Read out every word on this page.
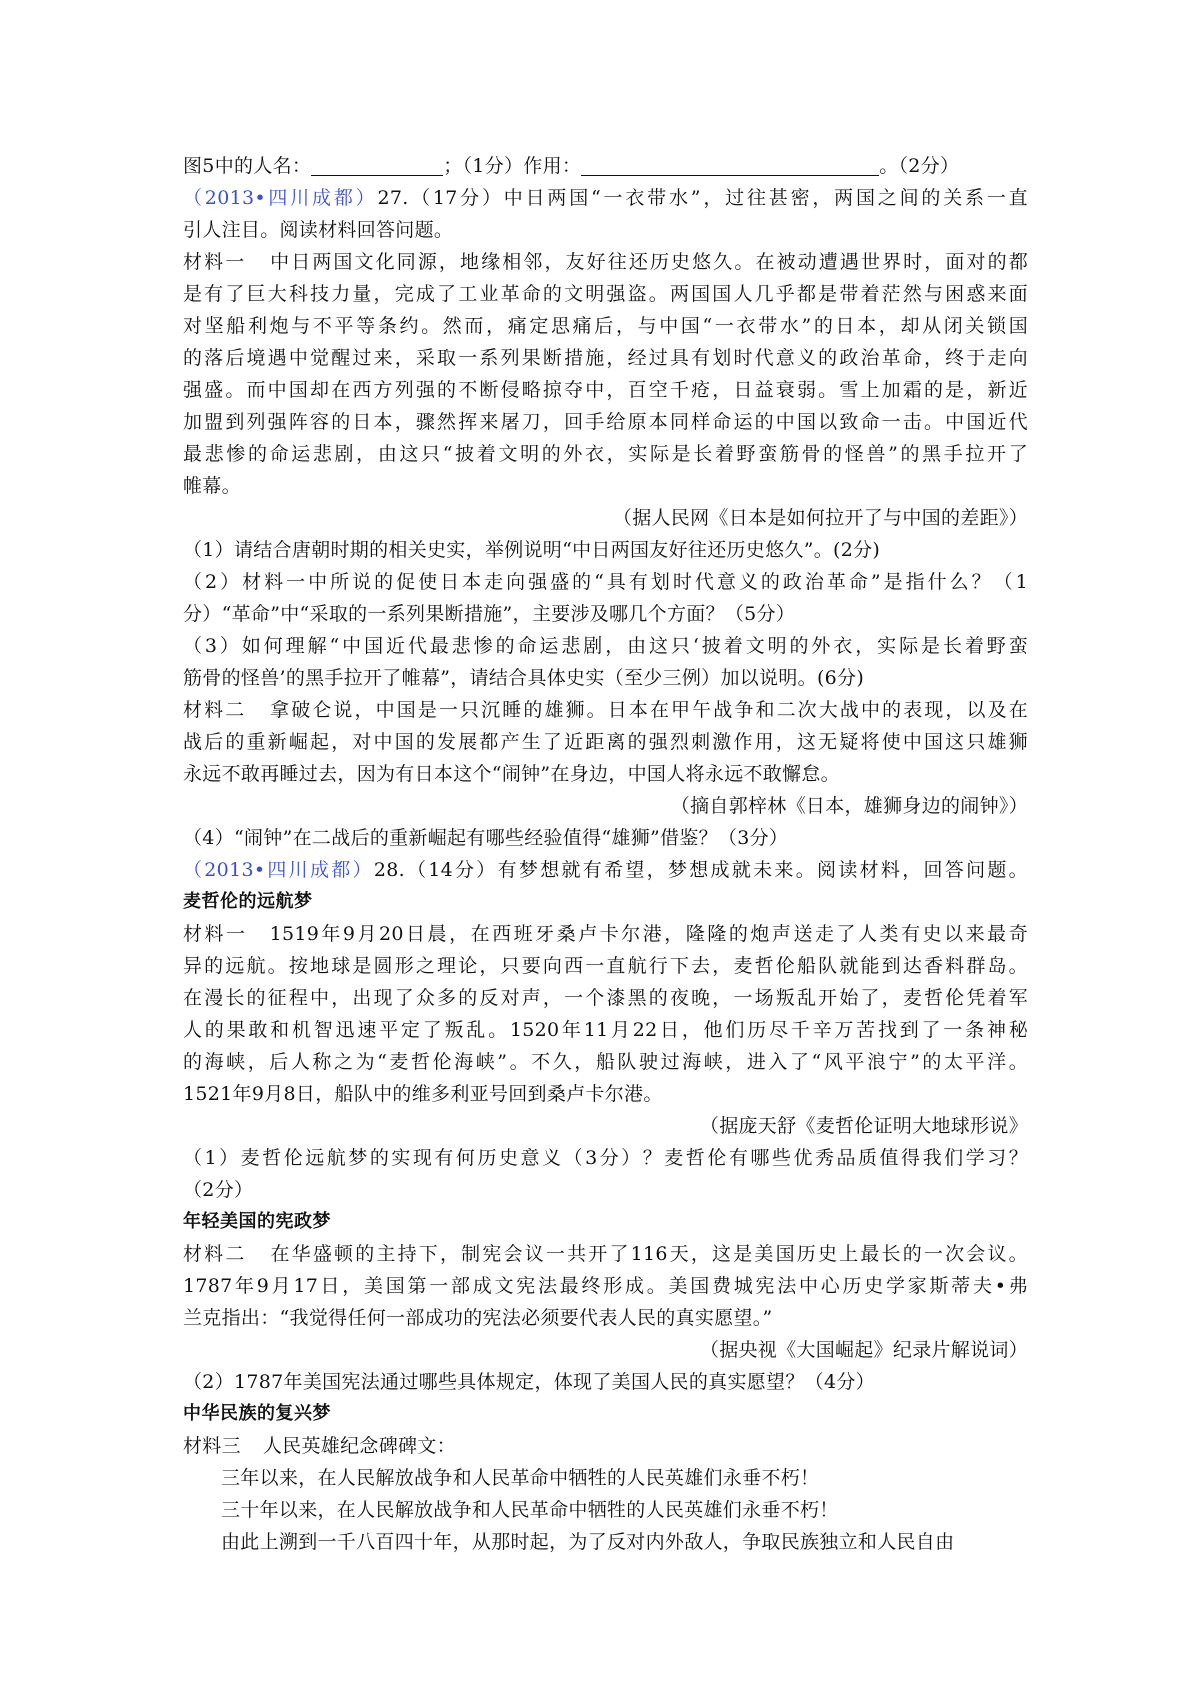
图5中的人名：	；（1分）作用：	。（2分）
（2013•四川成都）27.（17分）中日两国“一衣带水”，过往甚密，两国之间的关系一直
引人注目。阅读材料回答问题。
材料一 中日两国文化同源，地缘相邻，友好往还历史悠久。在被动遭遇世界时，面对的都
是有了巨大科技力量，完成了工业革命的文明强盗。两国国人几乎都是带着茫然与困惑来面
对坚船利炮与不平等条约。然而，痛定思痛后，与中国“一衣带水”的日本，却从闭关锁国
的落后境遇中觉醒过来，采取一系列果断措施，经过具有划时代意义的政治革命，终于走向
强盛。而中国却在西方列强的不断侵略掠夺中，百空千疮，日益衰弱。雪上加霜的是，新近
加盟到列强阵容的日本，骤然挥来屠刀，回手给原本同样命运的中国以致命一击。中国近代
最悲惨的命运悲剧，由这只“披着文明的外衣，实际是长着野蛮筋骨的怪兽”的黑手拉开了
帷幕。
（据人民网《日本是如何拉开了与中国的差距》）
（1）请结合唐朝时期的相关史实，举例说明“中日两国友好往还历史悠久”。(2分)
（2）材料一中所说的促使日本走向强盛的“具有划时代意义的政治革命”是指什么？（1
分）“革命”中“采取的一系列果断措施”，主要涉及哪几个方面？（5分）
（3）如何理解“中国近代最悲惨的命运悲剧，由这只‘披着文明的外衣，实际是长着野蛮
筋骨的怪兽’的黑手拉开了帷幕”，请结合具体史实（至少三例）加以说明。(6分)
材料二 拿破仑说，中国是一只沉睡的雄狮。日本在甲午战争和二次大战中的表现，以及在
战后的重新崛起，对中国的发展都产生了近距离的强烈刺激作用，这无疑将使中国这只雄狮
永远不敢再睡过去，因为有日本这个“闹钟”在身边，中国人将永远不敢懈怠。
（摘自郭梓林《日本，雄狮身边的闹钟》）
（4）“闹钟”在二战后的重新崛起有哪些经验值得“雄狮”借鉴？（3分）
（2013•四川成都）28.（14分）有梦想就有希望，梦想成就未来。阅读材料，回答问题。
麦哲伦的远航梦
材料一 1519年9月20日晨，在西班牙桑卢卡尔港，隆隆的炮声送走了人类有史以来最奇
异的远航。按地球是圆形之理论，只要向西一直航行下去，麦哲伦船队就能到达香料群岛。
在漫长的征程中，出现了众多的反对声，一个漆黑的夜晚，一场叛乱开始了，麦哲伦凭着军
人的果敢和机智迅速平定了叛乱。1520年11月22日，他们历尽千辛万苦找到了一条神秘
的海峡，后人称之为“麦哲伦海峡”。不久，船队驶过海峡，进入了“风平浪宁”的太平洋。
1521年9月8日，船队中的维多利亚号回到桑卢卡尔港。
（据庞天舒《麦哲伦证明大地球形说》
（1）麦哲伦远航梦的实现有何历史意义（3分）？麦哲伦有哪些优秀品质值得我们学习？
（2分）
年轻美国的宪政梦
材料二 在华盛顿的主持下，制宪会议一共开了116天，这是美国历史上最长的一次会议。
1787年9月17日，美国第一部成文宪法最终形成。美国费城宪法中心历史学家斯蒂夫•弗
兰克指出：“我觉得任何一部成功的宪法必须要代表人民的真实愿望。”
（据央视《大国崛起》纪录片解说词）
（2）1787年美国宪法通过哪些具体规定，体现了美国人民的真实愿望？（4分）
中华民族的复兴梦
材料三 人民英雄纪念碑碑文：
三年以来，在人民解放战争和人民革命中牺牲的人民英雄们永垂不朽！
三十年以来，在人民解放战争和人民革命中牺牲的人民英雄们永垂不朽！
由此上溯到一千八百四十年，从那时起，为了反对内外敌人，争取民族独立和人民自由
